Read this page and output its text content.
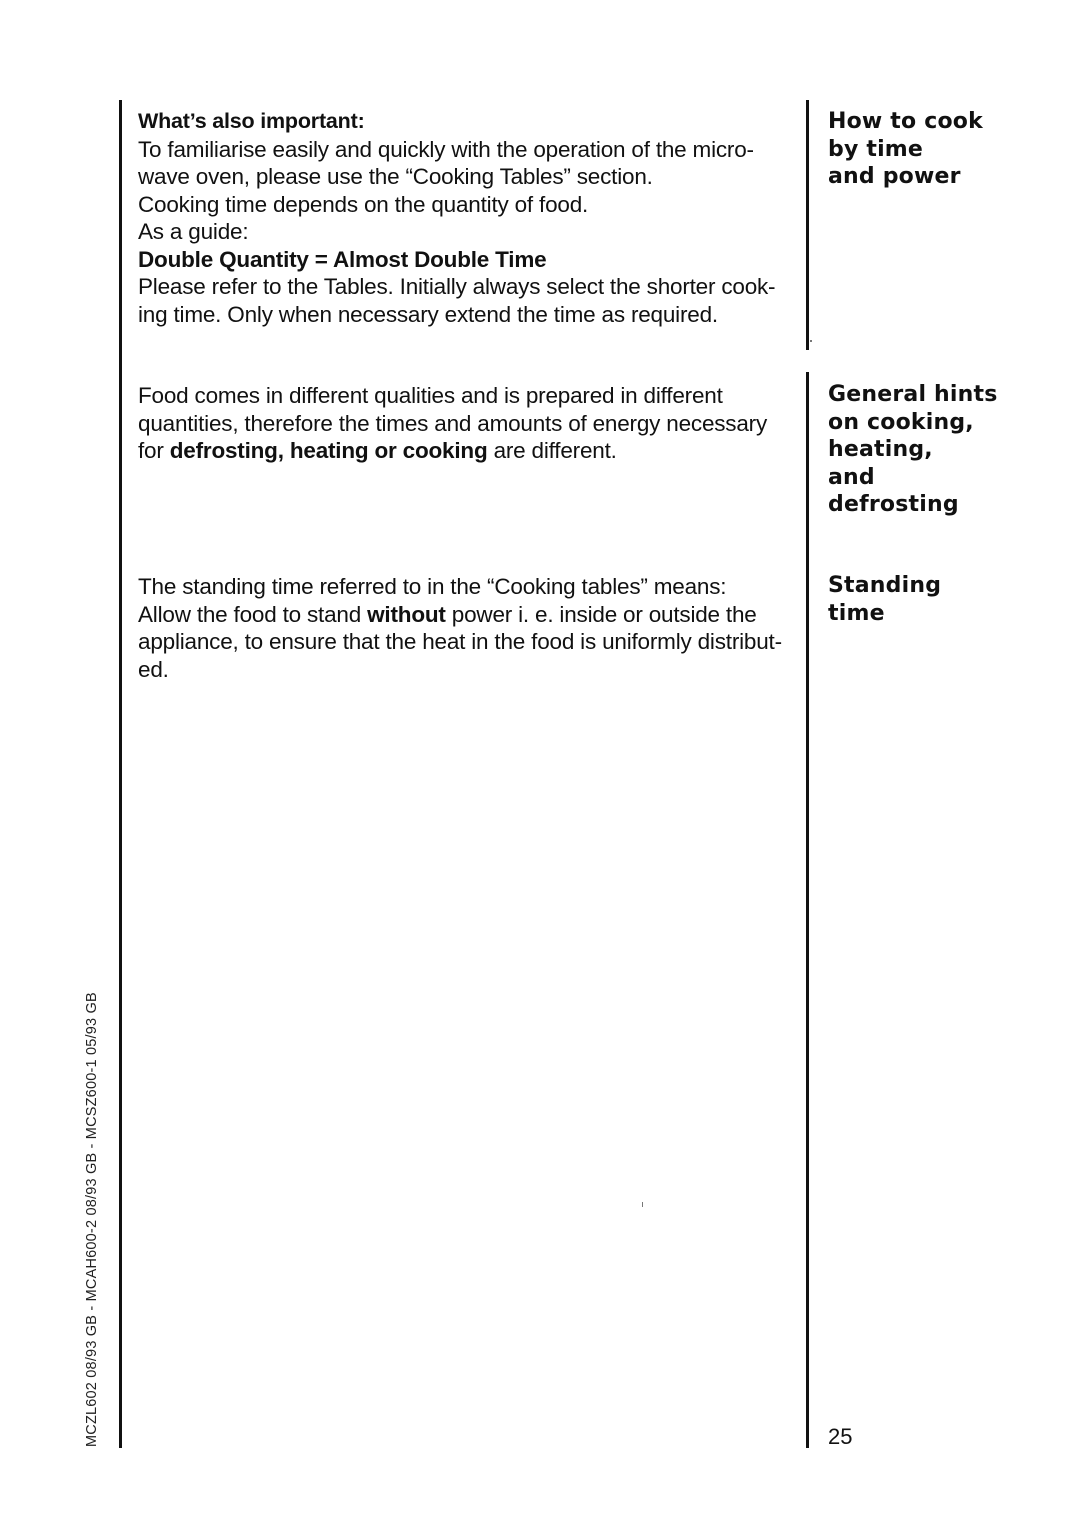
What’s also important:

To familiarise easily and quickly with the operation of the micro-

wave oven, please use the “Cooking Tables” section.

Cooking time depends on the quantity of food.

As a guide:

Double Quantity = Almost Double Time

Please refer to the Tables. Initially always select the shorter cook-

ing time. Only when necessary extend the time as required.

How to cook
by time
and power

Food comes in different qualities and is prepared in different

quantities, therefore the times and amounts of energy necessary

for defrosting, heating or cooking are different.

General hints
on cooking,
heating,
and
defrosting

The standing time referred to in the “Cooking tables” means:

Allow the food to stand without power i. e. inside or outside the

appliance, to ensure that the heat in the food is uniformly distribut-

ed.

Standing
time
MCZL602 08/93 GB - MCAH600-2 08/93 GB - MCSZ600-1 05/93 GB	25
